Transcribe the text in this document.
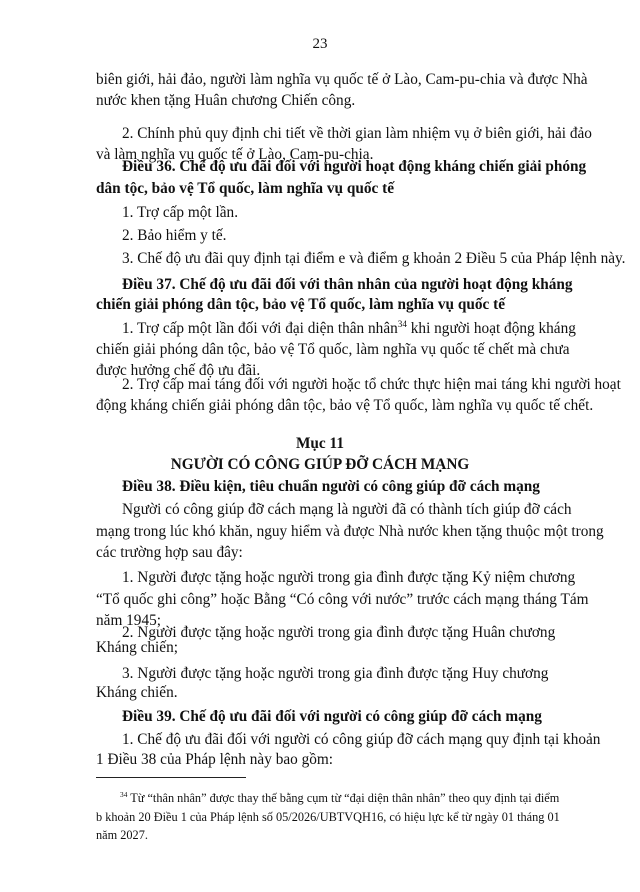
23
biên giới, hải đảo, người làm nghĩa vụ quốc tế ở Lào, Cam-pu-chia và được Nhà
nước khen tặng Huân chương Chiến công.
2. Chính phủ quy định chi tiết về thời gian làm nhiệm vụ ở biên giới, hải đảo
và làm nghĩa vụ quốc tế ở Lào, Cam-pu-chia.
Điều 36. Chế độ ưu đãi đối với người hoạt động kháng chiến giải phóng
dân tộc, bảo vệ Tổ quốc, làm nghĩa vụ quốc tế
1. Trợ cấp một lần.
2. Bảo hiểm y tế.
3. Chế độ ưu đãi quy định tại điểm e và điểm g khoản 2 Điều 5 của Pháp lệnh này.
Điều 37. Chế độ ưu đãi đối với thân nhân của người hoạt động kháng
chiến giải phóng dân tộc, bảo vệ Tổ quốc, làm nghĩa vụ quốc tế
1. Trợ cấp một lần đối với đại diện thân nhân$^{34}$ khi người hoạt động kháng
chiến giải phóng dân tộc, bảo vệ Tổ quốc, làm nghĩa vụ quốc tế chết mà chưa
được hưởng chế độ ưu đãi.
2. Trợ cấp mai táng đối với người hoặc tổ chức thực hiện mai táng khi người hoạt
động kháng chiến giải phóng dân tộc, bảo vệ Tổ quốc, làm nghĩa vụ quốc tế chết.
Mục 11
NGƯỜI CÓ CÔNG GIÚP ĐỠ CÁCH MẠNG
Điều 38. Điều kiện, tiêu chuẩn người có công giúp đỡ cách mạng
Người có công giúp đỡ cách mạng là người đã có thành tích giúp đỡ cách
mạng trong lúc khó khăn, nguy hiểm và được Nhà nước khen tặng thuộc một trong
các trường hợp sau đây:
1. Người được tặng hoặc người trong gia đình được tặng Kỷ niệm chương
“Tổ quốc ghi công” hoặc Bằng “Có công với nước” trước cách mạng tháng Tám
năm 1945;
2. Người được tặng hoặc người trong gia đình được tặng Huân chương
Kháng chiến;
3. Người được tặng hoặc người trong gia đình được tặng Huy chương
Kháng chiến.
Điều 39. Chế độ ưu đãi đối với người có công giúp đỡ cách mạng
1. Chế độ ưu đãi đối với người có công giúp đỡ cách mạng quy định tại khoản
1 Điều 38 của Pháp lệnh này bao gồm:
$^{34}$ Từ “thân nhân” được thay thế bằng cụm từ “đại diện thân nhân” theo quy định tại điểm
b khoản 20 Điều 1 của Pháp lệnh số 05/2026/UBTVQH16, có hiệu lực kể từ ngày 01 tháng 01
năm 2027.
